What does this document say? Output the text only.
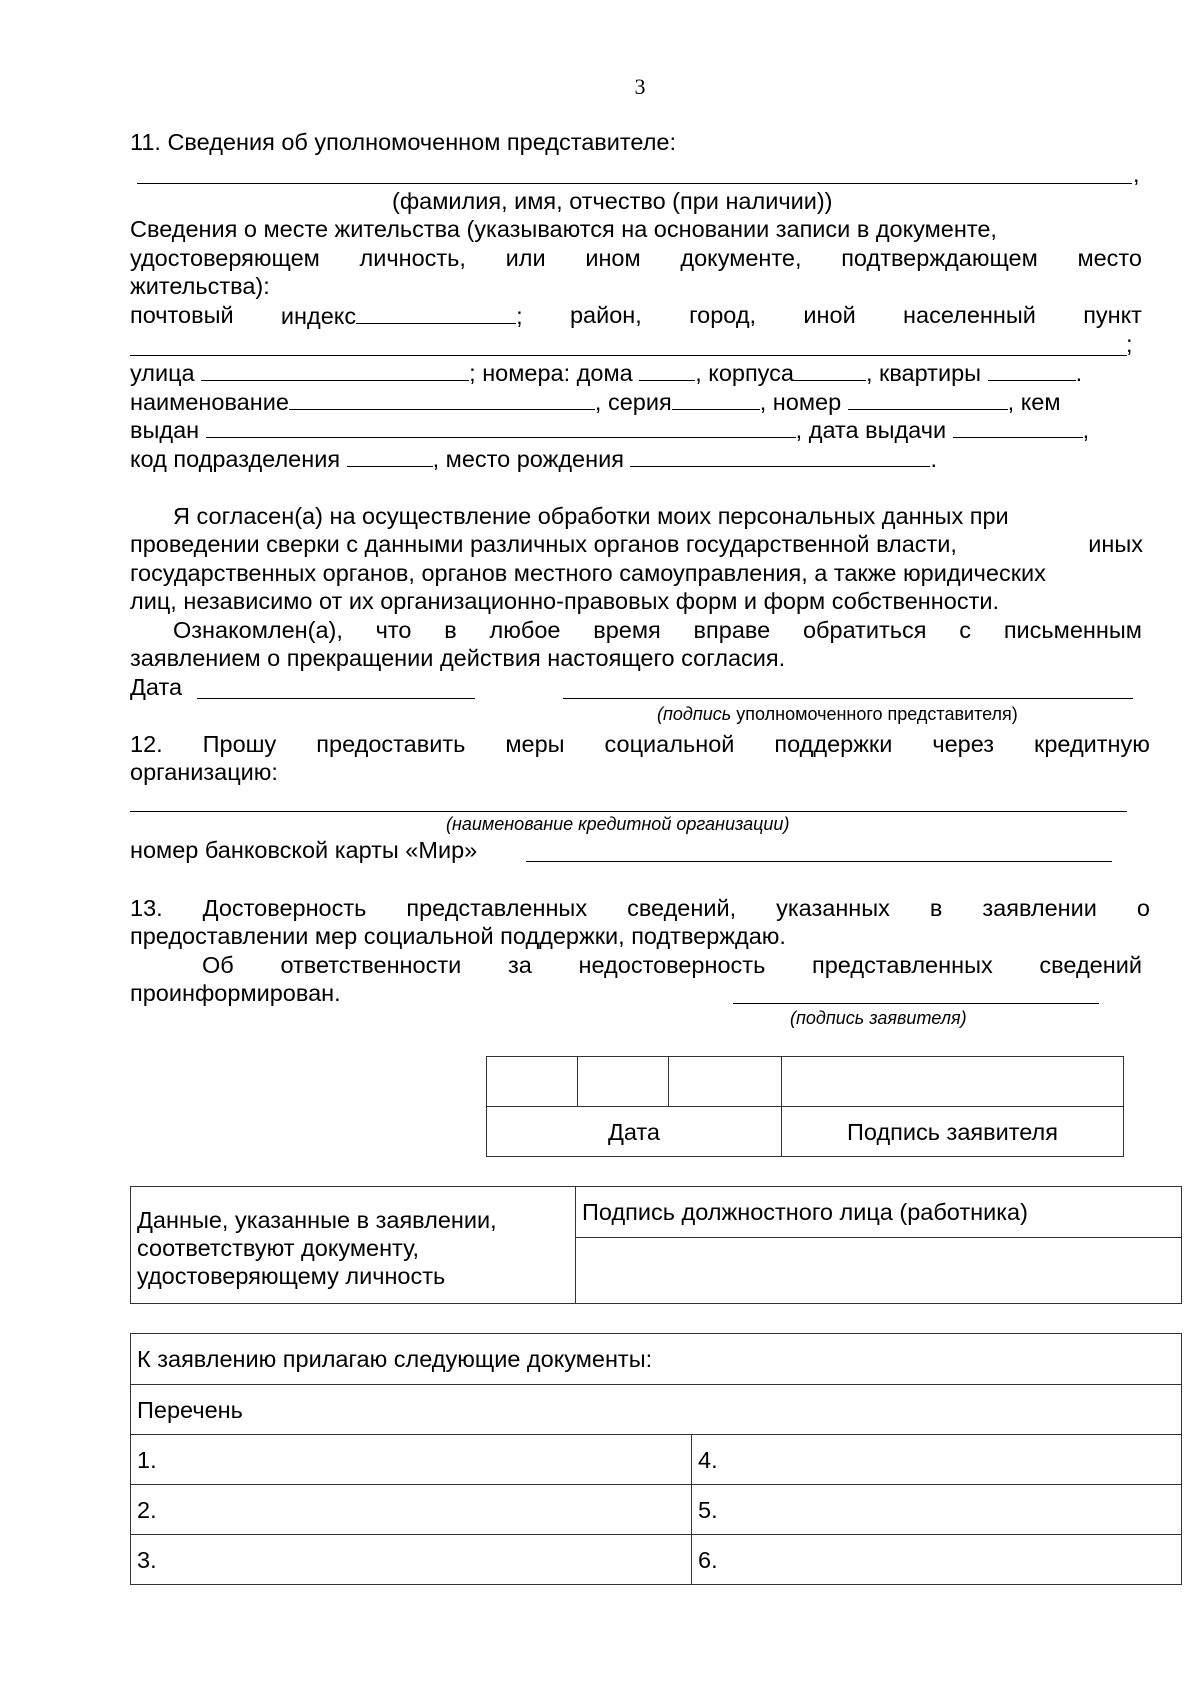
3
11. Сведения об уполномоченном представителе:
,
(фамилия, имя, отчество (при наличии))
Сведения о месте жительства (указываются на основании записи в документе,
удостоверяющем личность, или ином документе, подтверждающем место
жительства):
почтовый индекс	; район, город, иной населенный пункт
;
улица	; номера: дома	, корпуса	, квартиры	.
наименование	, серия	, номер	, кем
выдан	, дата выдачи	,
код подразделения	, место рождения	.
Я согласен(а) на осуществление обработки моих персональных данных при
проведении сверки с данными различных органов государственной власти,	иных
государственных органов, органов местного самоуправления, а также юридических
лиц, независимо от их организационно-правовых форм и форм собственности.
Ознакомлен(а), что в любое время вправе обратиться с письменным
заявлением о прекращении действия настоящего согласия.
Дата
(подпись уполномоченного представителя)
12. Прошу предоставить меры социальной поддержки через кредитную
организацию:
(наименование кредитной организации)
номер банковской карты «Мир»
13. Достоверность представленных сведений, указанных в заявлении о
предоставлении мер социальной поддержки, подтверждаю.
Об ответственности за недостоверность представленных сведений
проинформирован.
(подпись заявителя)

Дата			Подпись заявителя
Данные, указанные в заявлении,
соответствуют документу,
удостоверяющему личность
	Подпись должностного лица (работника)

К заявлению прилагаю следующие документы:	
Перечень	
1.	4.
2.	5.
3.	6.
